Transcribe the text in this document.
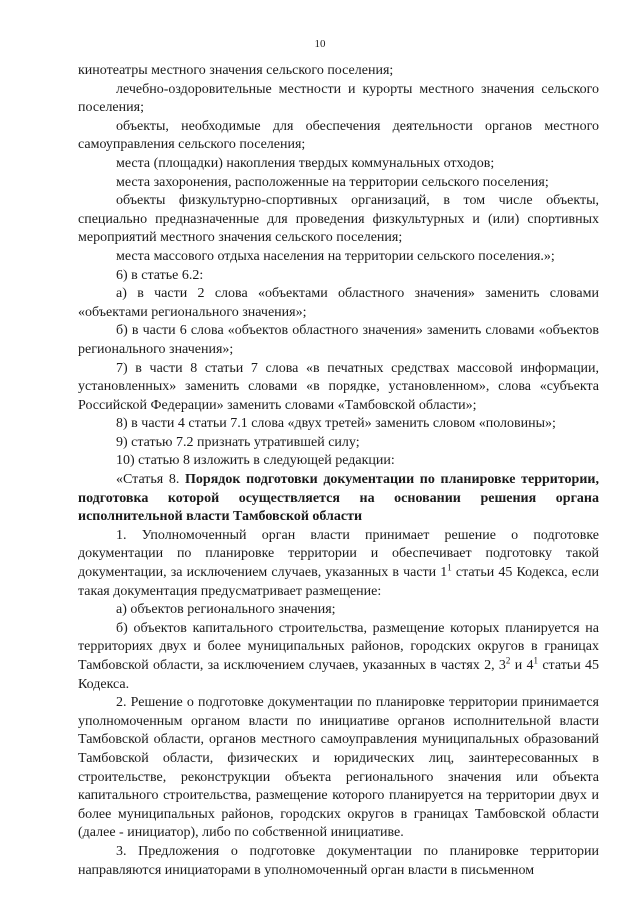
10

кинотеатры местного значения сельского поселения;

лечебно-оздоровительные местности и курорты местного значения сельского поселения;

объекты, необходимые для обеспечения деятельности органов местного самоуправления сельского поселения;

места (площадки) накопления твердых коммунальных отходов;

места захоронения, расположенные на территории сельского поселения;

объекты физкультурно-спортивных организаций, в том числе объекты, специально предназначенные для проведения физкультурных и (или) спортивных мероприятий местного значения сельского поселения;

места массового отдыха населения на территории сельского поселения.»;

6) в статье 6.2:

а) в части 2 слова «объектами областного значения» заменить словами «объектами регионального значения»;

б) в части 6 слова «объектов областного значения» заменить словами «объектов регионального значения»;

7) в части 8 статьи 7 слова «в печатных средствах массовой информации, установленных» заменить словами «в порядке, установленном», слова «субъекта Российской Федерации» заменить словами «Тамбовской области»;

8) в части 4 статьи 7.1 слова «двух третей» заменить словом «половины»;

9) статью 7.2 признать утратившей силу;

10) статью 8 изложить в следующей редакции:

«Статья 8. Порядок подготовки документации по планировке территории, подготовка которой осуществляется на основании решения органа исполнительной власти Тамбовской области

1. Уполномоченный орган власти принимает решение о подготовке документации по планировке территории и обеспечивает подготовку такой документации, за исключением случаев, указанных в части $1^1$ статьи 45 Кодекса, если такая документация предусматривает размещение:

а) объектов регионального значения;

б) объектов капитального строительства, размещение которых планируется на территориях двух и более муниципальных районов, городских округов в границах Тамбовской области, за исключением случаев, указанных в частях 2, $3^2$ и $4^1$ статьи 45 Кодекса.

2. Решение о подготовке документации по планировке территории принимается уполномоченным органом власти по инициативе органов исполнительной власти Тамбовской области, органов местного самоуправления муниципальных образований Тамбовской области, физических и юридических лиц, заинтересованных в строительстве, реконструкции объекта регионального значения или объекта капитального строительства, размещение которого планируется на территории двух и более муниципальных районов, городских округов в границах Тамбовской области (далее - инициатор), либо по собственной инициативе.

3. Предложения о подготовке документации по планировке территории направляются инициаторами в уполномоченный орган власти в письменном
